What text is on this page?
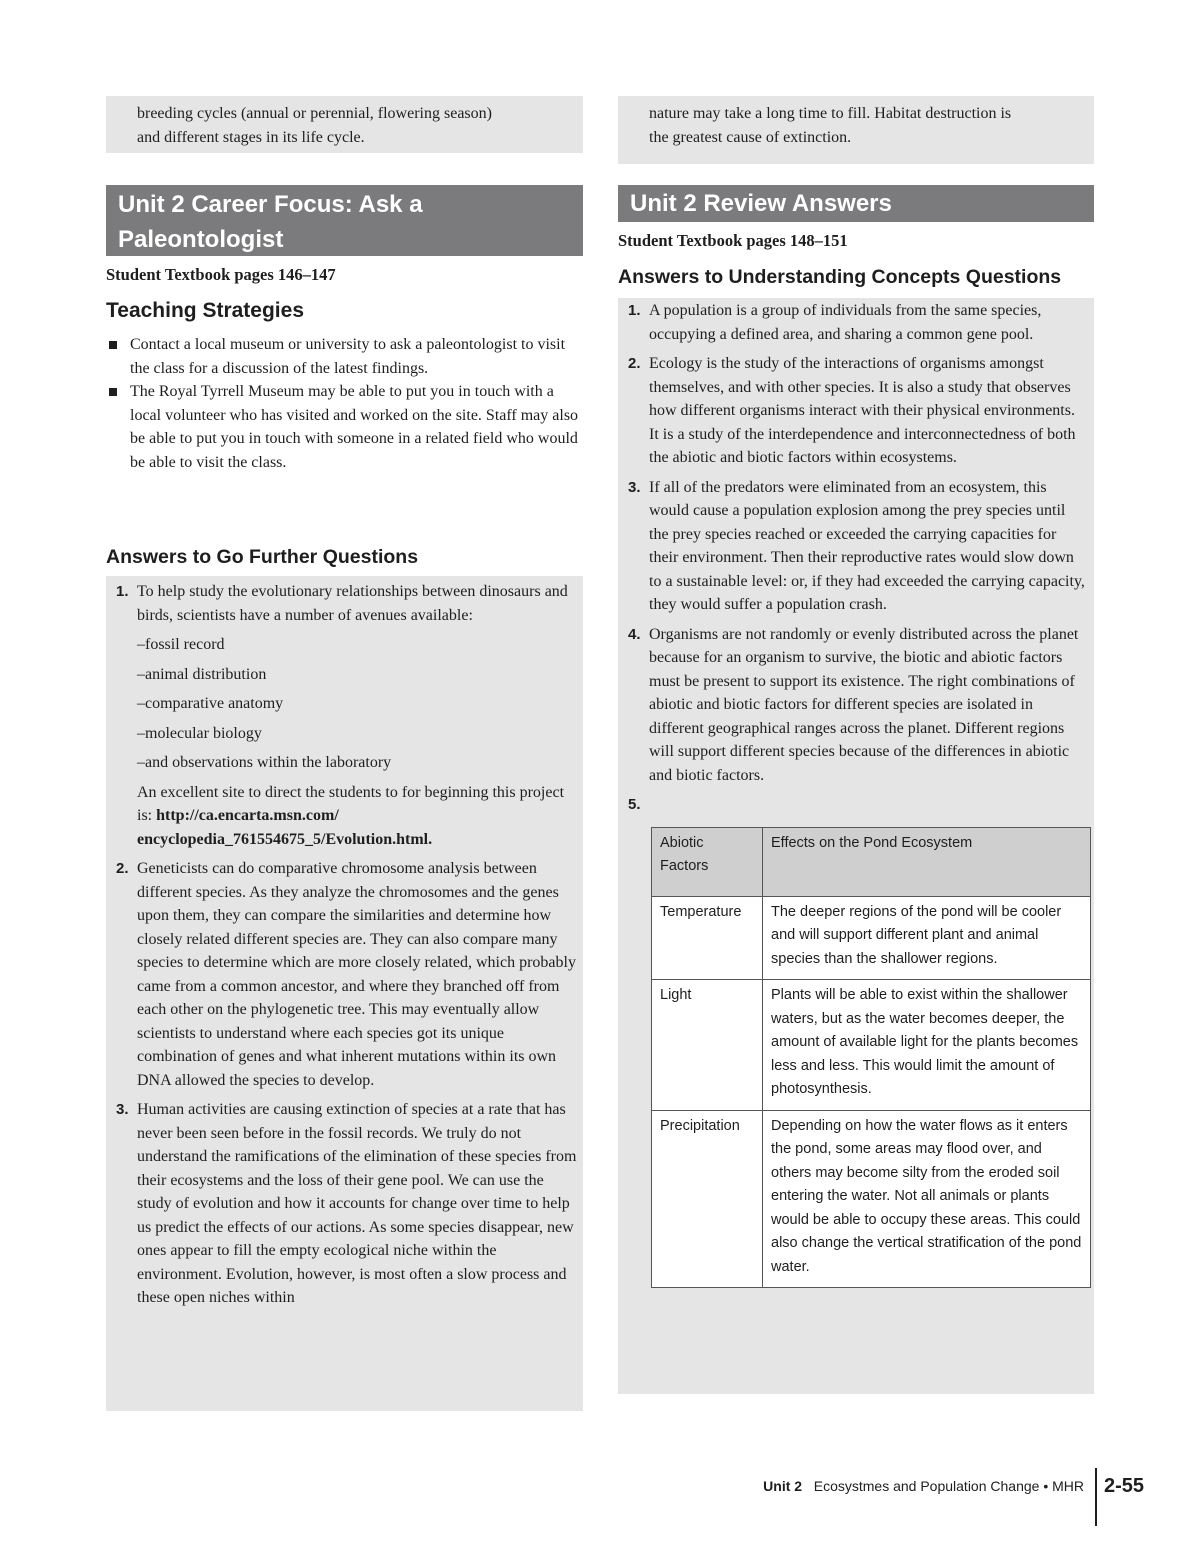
breeding cycles (annual or perennial, flowering season)

and different stages in its life cycle.

Unit 2 Career Focus: Ask a
Paleontologist
Student Textbook pages 146–147
Teaching Strategies
Contact a local museum or university to ask a paleontologist to visit the class for a discussion of the latest findings.
The Royal Tyrrell Museum may be able to put you in touch with a local volunteer who has visited and worked on the site. Staff may also be able to put you in touch with someone in a related field who would be able to visit the class.
Answers to Go Further Questions
1. To help study the evolutionary relationships between dinosaurs and birds, scientists have a number of avenues available:

–fossil record

–animal distribution

–comparative anatomy

–molecular biology

–and observations within the laboratory

An excellent site to direct the students to for beginning this project is: http://ca.encarta.msn.com/ encyclopedia_761554675_5/Evolution.html.

2. Geneticists can do comparative chromosome analysis between different species. As they analyze the chromosomes and the genes upon them, they can compare the similarities and determine how closely related different species are. They can also compare many species to determine which are more closely related, which probably came from a common ancestor, and where they branched off from each other on the phylogenetic tree. This may eventually allow scientists to understand where each species got its unique combination of genes and what inherent mutations within its own DNA allowed the species to develop.

3. Human activities are causing extinction of species at a rate that has never been seen before in the fossil records. We truly do not understand the ramifications of the elimination of these species from their ecosystems and the loss of their gene pool. We can use the study of evolution and how it accounts for change over time to help us predict the effects of our actions. As some species disappear, new ones appear to fill the empty ecological niche within the environment. Evolution, however, is most often a slow process and these open niches within

nature may take a long time to fill. Habitat destruction is

the greatest cause of extinction.

Unit 2 Review Answers
Student Textbook pages 148–151
Answers to Understanding Concepts Questions
1. A population is a group of individuals from the same species, occupying a defined area, and sharing a common gene pool.

2. Ecology is the study of the interactions of organisms amongst themselves, and with other species. It is also a study that observes how different organisms interact with their physical environments. It is a study of the interdependence and interconnectedness of both the abiotic and biotic factors within ecosystems.

3. If all of the predators were eliminated from an ecosystem, this would cause a population explosion among the prey species until the prey species reached or exceeded the carrying capacities for their environment. Then their reproductive rates would slow down to a sustainable level: or, if they had exceeded the carrying capacity, they would suffer a population crash.

4. Organisms are not randomly or evenly distributed across the planet because for an organism to survive, the biotic and abiotic factors must be present to support its existence. The right combinations of abiotic and biotic factors for different species are isolated in different geographical ranges across the planet. Different regions will support different species because of the differences in abiotic and biotic factors.

5.

Abiotic Factors	Effects on the Pond Ecosystem
Temperature	The deeper regions of the pond will be cooler and will support different plant and animal species than the shallower regions.
Light	Plants will be able to exist within the shallower waters, but as the water becomes deeper, the amount of available light for the plants becomes less and less. This would limit the amount of photosynthesis.
Precipitation	Depending on how the water flows as it enters the pond, some areas may flood over, and others may become silty from the eroded soil entering the water. Not all animals or plants would be able to occupy these areas. This could also change the vertical stratification of the pond water.
Unit 2 Ecosystmes and Population Change • MHR 2-55
